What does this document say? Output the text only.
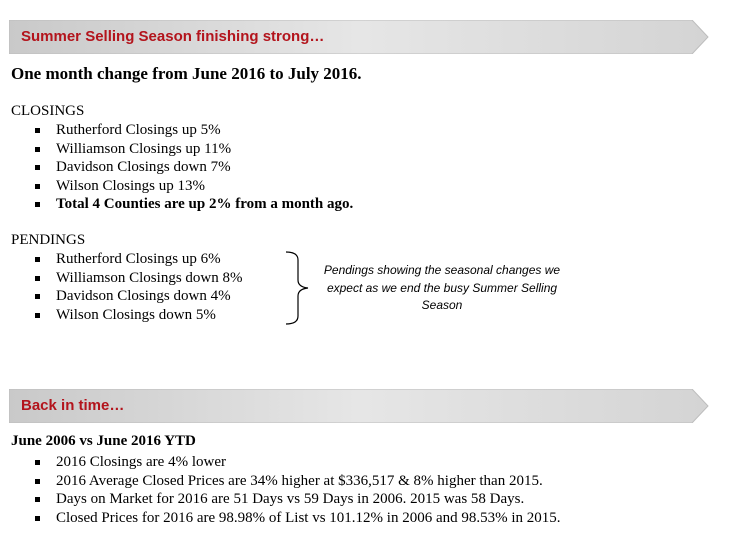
Summer Selling Season finishing strong…
One month change from June 2016 to July 2016.
CLOSINGS
Rutherford Closings up 5%
Williamson Closings up 11%
Davidson Closings down 7%
Wilson Closings up 13%
Total 4 Counties are up 2% from a month ago.
PENDINGS
Rutherford Closings up 6%
Williamson Closings down 8%
Davidson Closings down 4%
Wilson Closings down 5%
Pendings showing the seasonal changes we expect as we end the busy Summer Selling Season
Back in time…
June 2006 vs June 2016 YTD
2016 Closings are 4% lower
2016 Average Closed Prices are 34% higher at $336,517 & 8% higher than 2015.
Days on Market for 2016 are 51 Days vs 59 Days in 2006. 2015 was 58 Days.
Closed Prices for 2016 are 98.98% of List vs 101.12% in 2006 and 98.53% in 2015.
